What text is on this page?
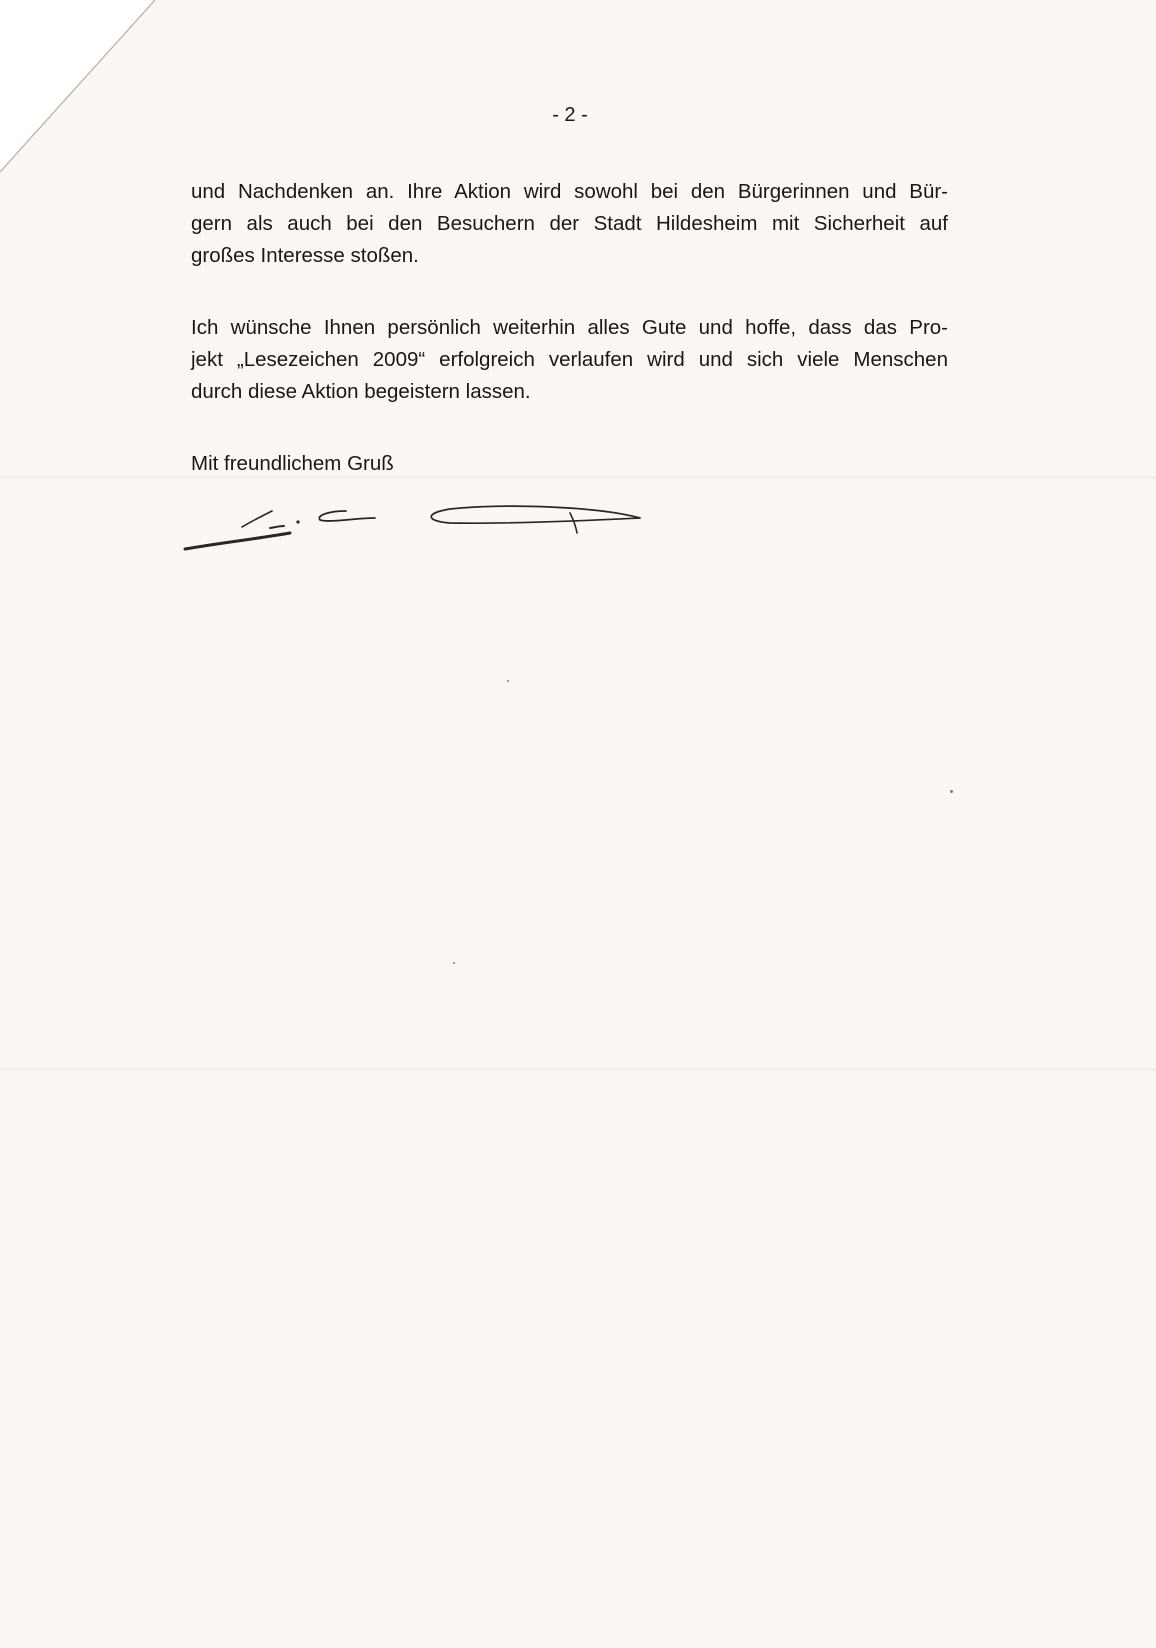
- 2 -

und Nachdenken an. Ihre Aktion wird sowohl bei den Bürgerinnen und Bür-
gern als auch bei den Besuchern der Stadt Hildesheim mit Sicherheit auf
großes Interesse stoßen.

Ich wünsche Ihnen persönlich weiterhin alles Gute und hoffe, dass das Pro-
jekt „Lesezeichen 2009“ erfolgreich verlaufen wird und sich viele Menschen
durch diese Aktion begeistern lassen.

Mit freundlichem Gruß
